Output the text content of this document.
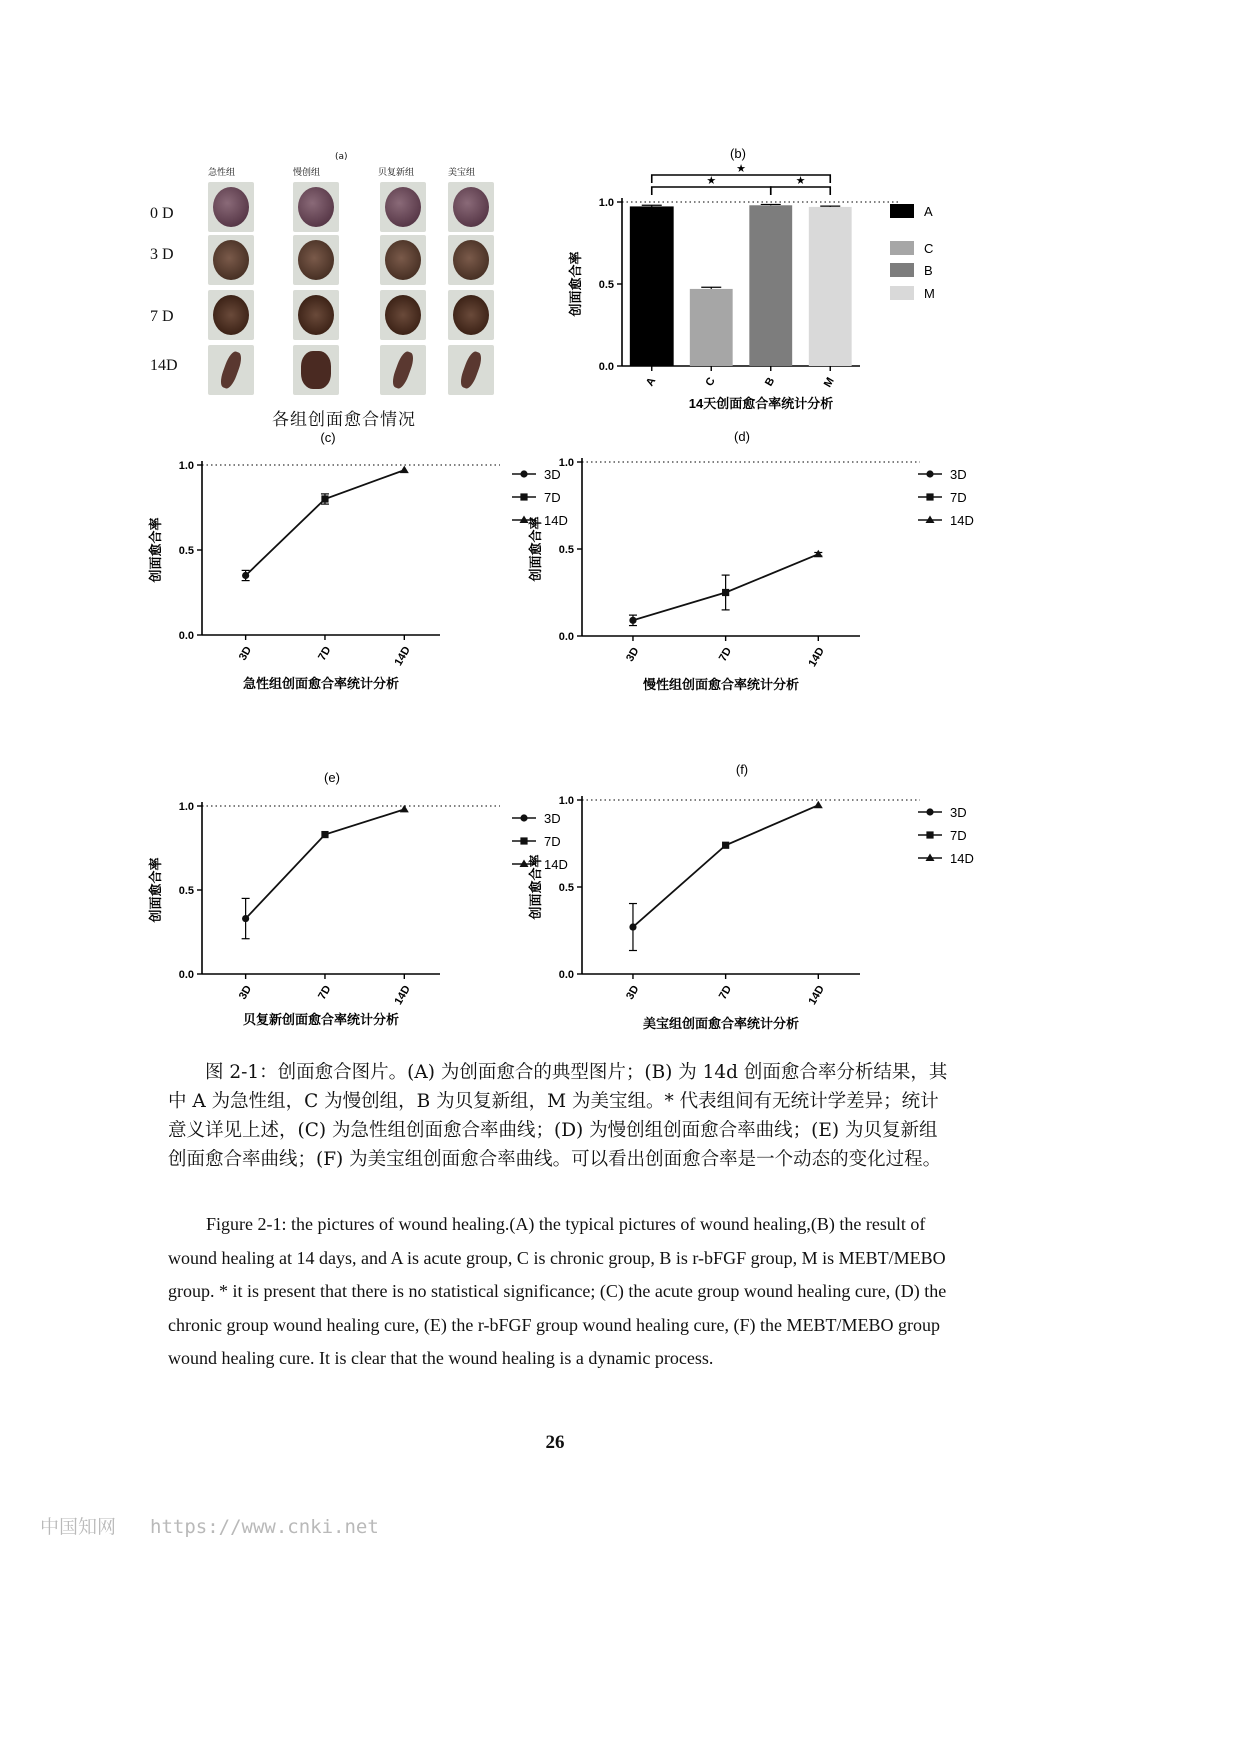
(a)
急性组	慢创组	贝复新组	美宝组
0 D
3 D
7 D
14D
各组创面愈合情况
(b)
0.0
0.5
1.0
创面愈合率
A	C	B	M
★
★	★
A
C
B
M
14天创面愈合率统计分析
(c)
0.0
0.5
1.0
创面愈合率
3D	7D	14D
3D
7D
14D
急性组创面愈合率统计分析
(d)
0.0
0.5
1.0
创面愈合率
3D	7D	14D
3D
7D
14D
慢性组创面愈合率统计分析
(e)
0.0
0.5
1.0
创面愈合率
3D	7D	14D
3D
7D
14D
贝复新创面愈合率统计分析
(f)
0.0
0.5
1.0
创面愈合率
3D	7D	14D
3D
7D
14D
美宝组创面愈合率统计分析
图 2-1：创面愈合图片。(A) 为创面愈合的典型图片；(B) 为 14d 创面愈合率分析结果，其中 A 为急性组，C 为慢创组，B 为贝复新组，M 为美宝组。* 代表组间有无统计学差异；统计意义详见上述，(C) 为急性组创面愈合率曲线；(D) 为慢创组创面愈合率曲线；(E) 为贝复新组创面愈合率曲线；(F) 为美宝组创面愈合率曲线。可以看出创面愈合率是一个动态的变化过程。
Figure 2-1: the pictures of wound healing.(A) the typical pictures of wound healing,(B) the result of wound healing at 14 days, and A is acute group, C is chronic group, B is r-bFGF group, M is MEBT/MEBO group. * it is present that there is no statistical significance; (C) the acute group wound healing cure, (D) the chronic group wound healing cure, (E) the r-bFGF group wound healing cure, (F) the MEBT/MEBO group wound healing cure. It is clear that the wound healing is a dynamic process.
26
中国知网 https://www.cnki.net
